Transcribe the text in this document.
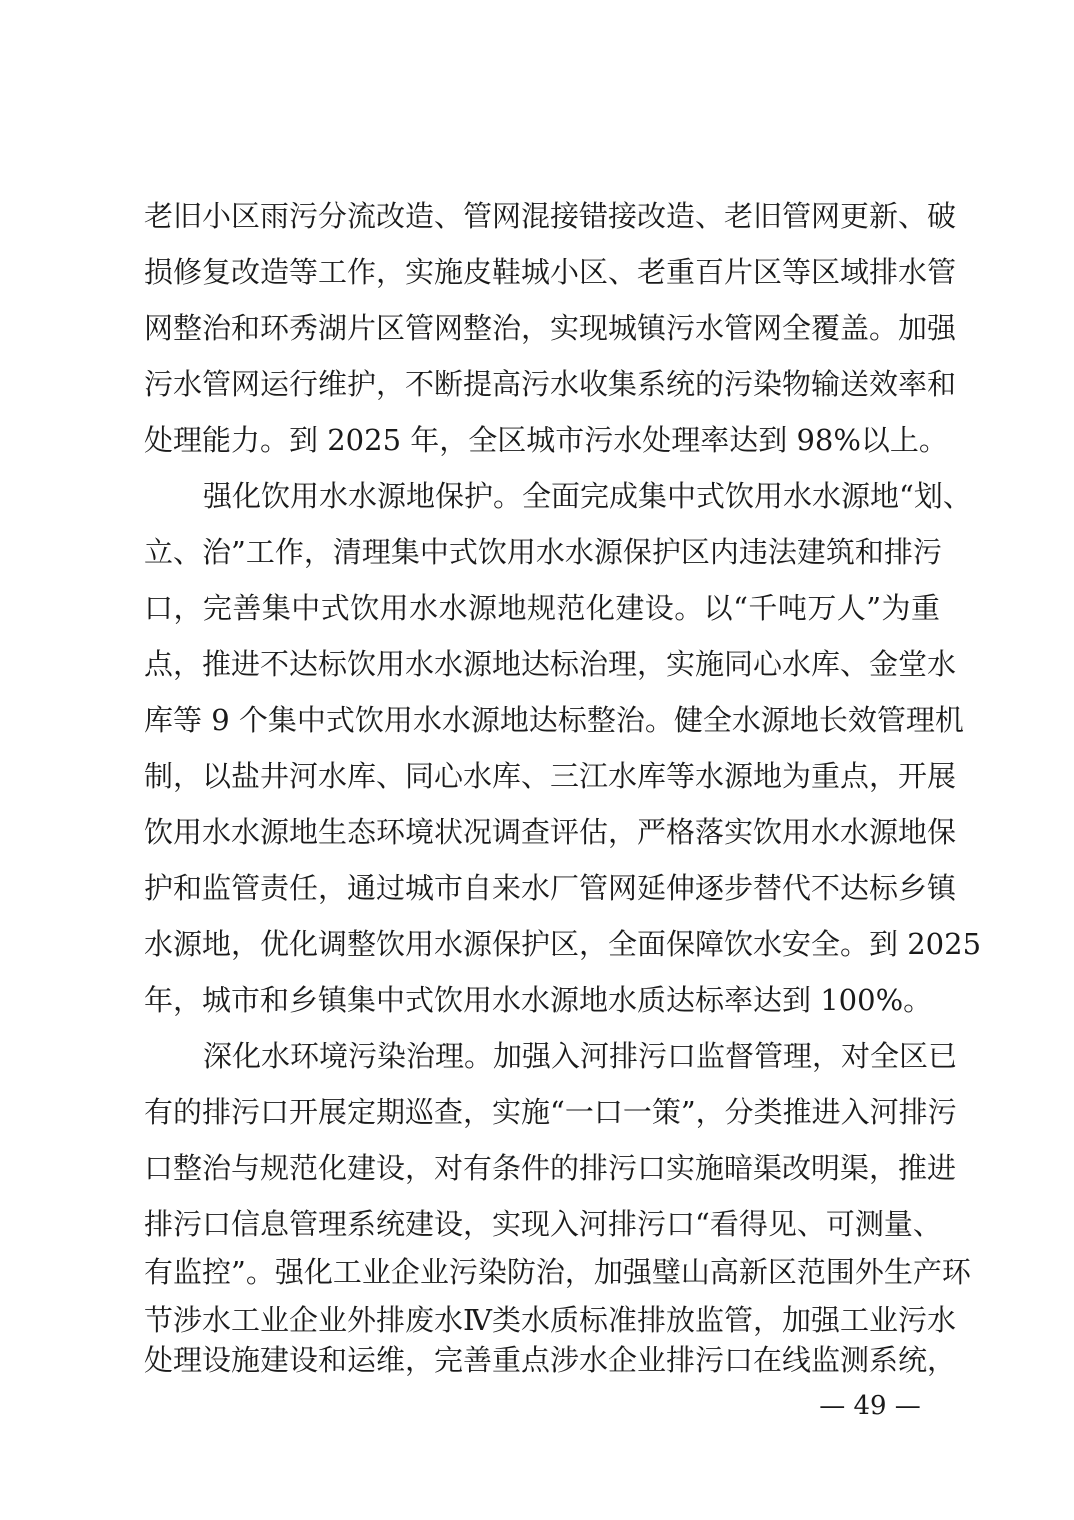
老旧小区雨污分流改造、管网混接错接改造、老旧管网更新、破
损修复改造等工作，实施皮鞋城小区、老重百片区等区域排水管
网整治和环秀湖片区管网整治，实现城镇污水管网全覆盖。加强
污水管网运行维护，不断提高污水收集系统的污染物输送效率和
处理能力。到 2025 年，全区城市污水处理率达到 98%以上。
强化饮用水水源地保护。全面完成集中式饮用水水源地“划、
立、治”工作，清理集中式饮用水水源保护区内违法建筑和排污
口，完善集中式饮用水水源地规范化建设。以“千吨万人”为重
点，推进不达标饮用水水源地达标治理，实施同心水库、金堂水
库等 9 个集中式饮用水水源地达标整治。健全水源地长效管理机
制，以盐井河水库、同心水库、三江水库等水源地为重点，开展
饮用水水源地生态环境状况调查评估，严格落实饮用水水源地保
护和监管责任，通过城市自来水厂管网延伸逐步替代不达标乡镇
水源地，优化调整饮用水源保护区，全面保障饮水安全。到 2025
年，城市和乡镇集中式饮用水水源地水质达标率达到 100%。
深化水环境污染治理。加强入河排污口监督管理，对全区已
有的排污口开展定期巡查，实施“一口一策”，分类推进入河排污
口整治与规范化建设，对有条件的排污口实施暗渠改明渠，推进
排污口信息管理系统建设，实现入河排污口“看得见、可测量、
有监控”。强化工业企业污染防治，加强璧山高新区范围外生产环
节涉水工业企业外排废水Ⅳ类水质标准排放监管，加强工业污水
处理设施建设和运维，完善重点涉水企业排污口在线监测系统，
— 49 —
